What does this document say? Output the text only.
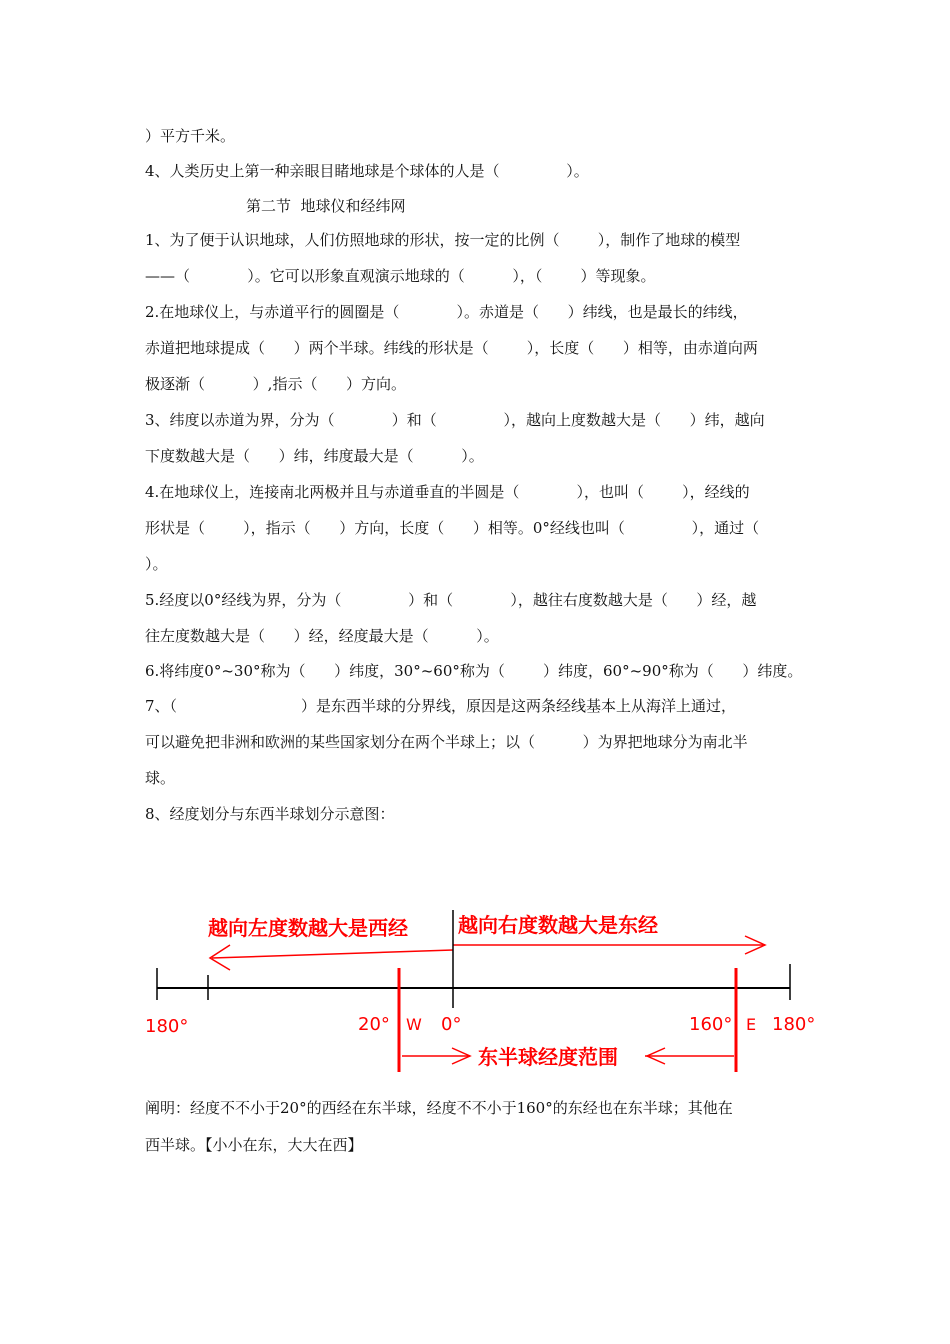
）平方千米。
4、人类历史上第一种亲眼目睹地球是个球体的人是（              ）。
第二节  地球仪和经纬网
1、为了便于认识地球，人们仿照地球的形状，按一定的比例（        ），制作了地球的模型
——（            ）。它可以形象直观演示地球的（          ），（        ）等现象。
2.在地球仪上，与赤道平行的圆圈是（            ）。赤道是（      ）纬线，也是最长的纬线，
赤道把地球提成（      ）两个半球。纬线的形状是（        ），长度（      ）相等，由赤道向两
极逐渐（          ）,指示（      ）方向。
3、纬度以赤道为界，分为（            ）和（              ），越向上度数越大是（      ）纬，越向
下度数越大是（      ）纬，纬度最大是（          ）。
4.在地球仪上，连接南北两极并且与赤道垂直的半圆是（            ），也叫（        ），经线的
形状是（        ），指示（      ）方向，长度（      ）相等。0°经线也叫（              ），通过（
）。
5.经度以0°经线为界，分为（              ）和（            ），越往右度数越大是（      ）经，越
往左度数越大是（      ）经，经度最大是（          ）。
6.将纬度0°~30°称为（      ）纬度，30°~60°称为（        ）纬度，60°~90°称为（      ）纬度。
7、（                          ）是东西半球的分界线，原因是这两条经线基本上从海洋上通过，
可以避免把非洲和欧洲的某些国家划分在两个半球上；以（          ）为界把地球分为南北半
球。
8、经度划分与东西半球划分示意图：
越向左度数越大是西经	越向右度数越大是东经
180°	20° W 0°	160° E 180°
东半球经度范围
阐明：经度不不小于20°的西经在东半球，经度不不小于160°的东经也在东半球；其他在
西半球。【小小在东，大大在西】
